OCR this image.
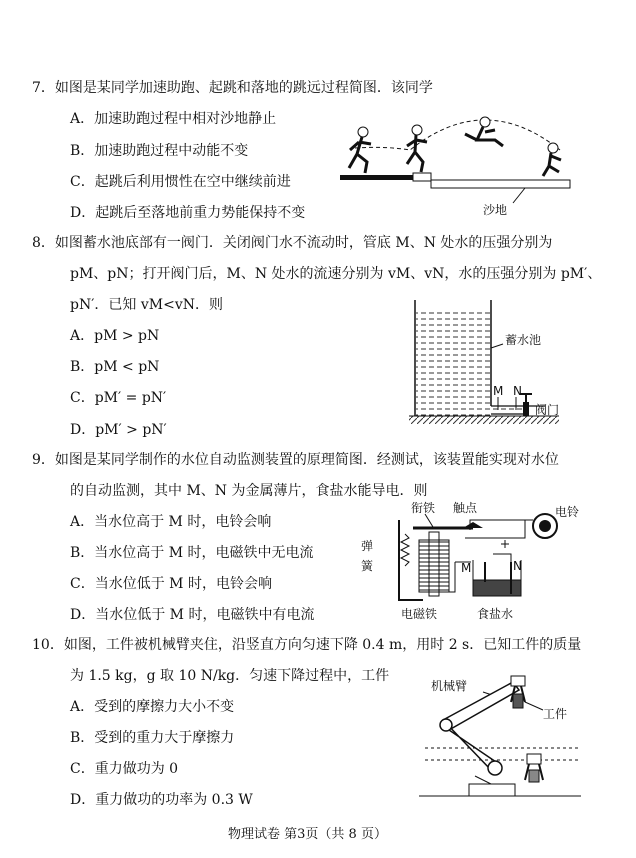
7．如图是某同学加速助跑、起跳和落地的跳远过程简图．该同学
A．加速助跑过程中相对沙地静止
B．加速助跑过程中动能不变
C．起跳后利用惯性在空中继续前进
D．起跳后至落地前重力势能保持不变	沙地
8．如图蓄水池底部有一阀门．关闭阀门水不流动时，管底 M、N 处水的压强分别为
pM、pN；打开阀门后，M、N 处水的流速分别为 vM、vN，水的压强分别为 pM′、
pN′．已知 vM<vN．则
A．pM > pN
B．pM < pN
C．pM′ = pN′
D．pM′ > pN′
蓄水池
M N
阀门
9．如图是某同学制作的水位自动监测装置的原理简图．经测试，该装置能实现对水位
的自动监测，其中 M、N 为金属薄片，食盐水能导电．则
A．当水位高于 M 时，电铃会响
B．当水位高于 M 时，电磁铁中无电流
C．当水位低于 M 时，电铃会响
D．当水位低于 M 时，电磁铁中有电流
衔铁 触点	电铃
弹
簧
电磁铁
M	N
食盐水
10．如图，工件被机械臂夹住，沿竖直方向匀速下降 0.4 m，用时 2 s．已知工件的质量
为 1.5 kg，g 取 10 N/kg．匀速下降过程中，工件
A．受到的摩擦力大小不变
B．受到的重力大于摩擦力
C．重力做功为 0
D．重力做功的功率为 0.3 W
机械臂
工件
物理试卷 第3页（共 8 页）
